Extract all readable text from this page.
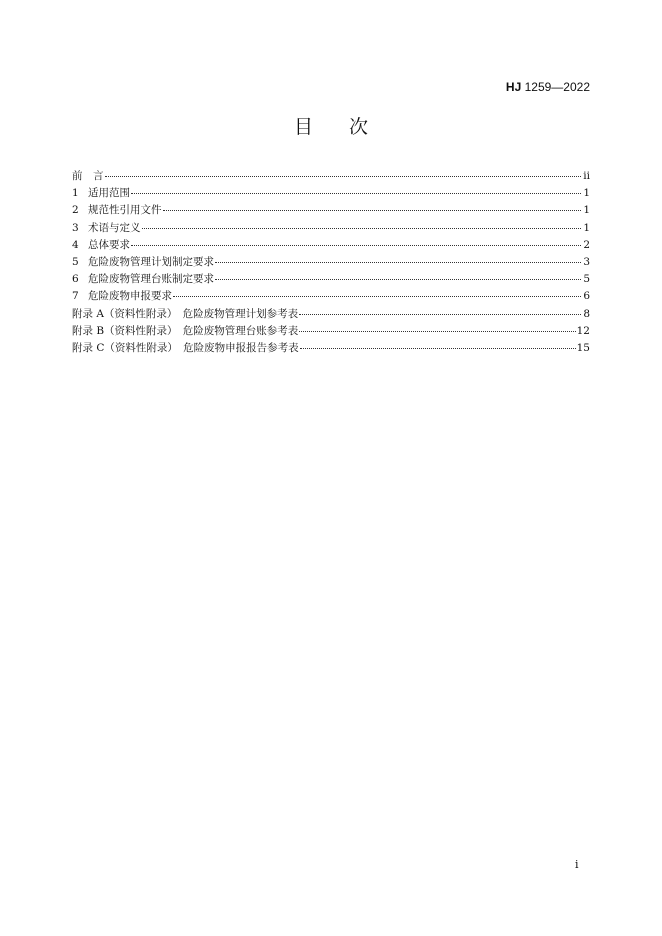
HJ 1259—2022
目次
前　言	ii
1 适用范围	1
2 规范性引用文件	1
3 术语与定义	1
4 总体要求	2
5 危险废物管理计划制定要求	3
6 危险废物管理台账制定要求	5
7 危险废物申报要求	6
附录 A（资料性附录）　危险废物管理计划参考表	8
附录 B（资料性附录）　危险废物管理台账参考表	12
附录 C（资料性附录）　危险废物申报报告参考表	15
i
